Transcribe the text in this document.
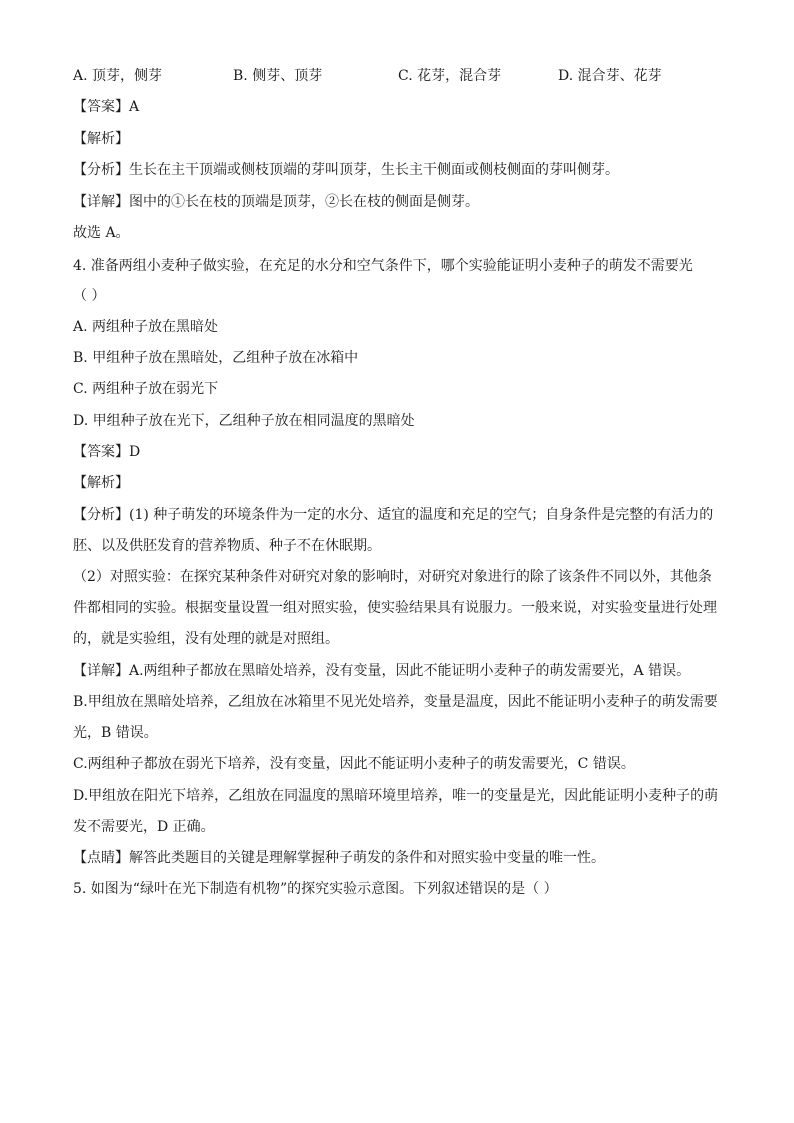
A. 顶芽，侧芽	B. 侧芽、顶芽	C. 花芽，混合芽	D. 混合芽、花芽
【答案】A
【解析】
【分析】生长在主干顶端或侧枝顶端的芽叫顶芽，生长主干侧面或侧枝侧面的芽叫侧芽。
【详解】图中的①长在枝的顶端是顶芽，②长在枝的侧面是侧芽。
故选 A。
4. 准备两组小麦种子做实验，在充足的水分和空气条件下，哪个实验能证明小麦种子的萌发不需要光
（ ）
A. 两组种子放在黑暗处
B. 甲组种子放在黑暗处，乙组种子放在冰箱中
C. 两组种子放在弱光下
D. 甲组种子放在光下，乙组种子放在相同温度的黑暗处
【答案】D
【解析】
【分析】(1) 种子萌发的环境条件为一定的水分、适宜的温度和充足的空气；自身条件是完整的有活力的
胚、以及供胚发育的营养物质、种子不在休眠期。
（2）对照实验：在探究某种条件对研究对象的影响时，对研究对象进行的除了该条件不同以外，其他条
件都相同的实验。根据变量设置一组对照实验，使实验结果具有说服力。一般来说，对实验变量进行处理
的，就是实验组，没有处理的就是对照组。
【详解】A.两组种子都放在黑暗处培养，没有变量，因此不能证明小麦种子的萌发需要光，A 错误。
B.甲组放在黑暗处培养，乙组放在冰箱里不见光处培养，变量是温度，因此不能证明小麦种子的萌发需要
光，B 错误。
C.两组种子都放在弱光下培养，没有变量，因此不能证明小麦种子的萌发需要光，C 错误。
D.甲组放在阳光下培养，乙组放在同温度的黑暗环境里培养，唯一的变量是光，因此能证明小麦种子的萌
发不需要光，D 正确。
【点睛】解答此类题目的关键是理解掌握种子萌发的条件和对照实验中变量的唯一性。
5. 如图为“绿叶在光下制造有机物”的探究实验示意图。下列叙述错误的是（ ）
